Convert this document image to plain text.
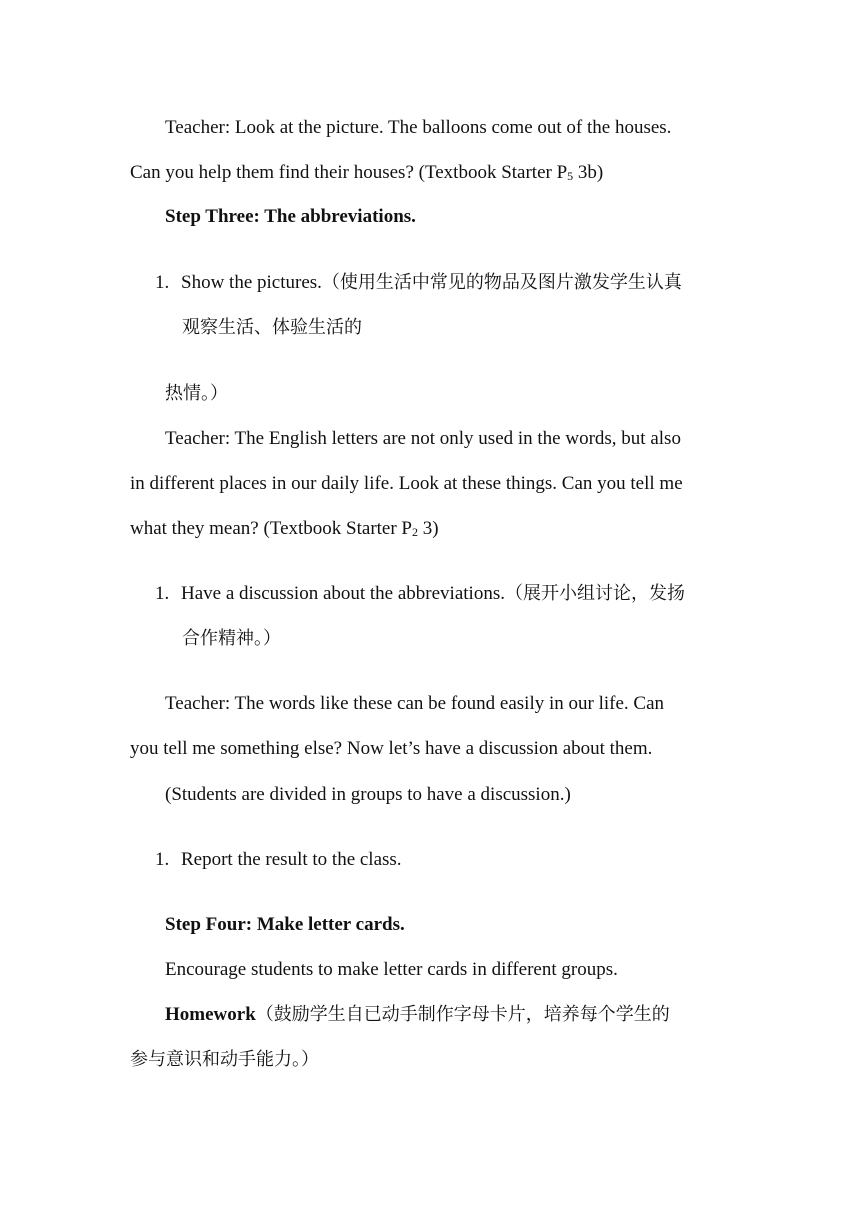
Teacher: Look at the picture. The balloons come out of the houses.
Can you help them find their houses? (Textbook Starter $P_5$ 3b)
Step Three: The abbreviations.
1. Show the pictures.（使用生活中常见的物品及图片激发学生认真
观察生活、体验生活的
热情。）
Teacher: The English letters are not only used in the words, but also
in different places in our daily life. Look at these things. Can you tell me
what they mean? (Textbook Starter $P_2$ 3)
1. Have a discussion about the abbreviations.（展开小组讨论，发扬
合作精神。）
Teacher: The words like these can be found easily in our life. Can
you tell me something else? Now let’s have a discussion about them.
(Students are divided in groups to have a discussion.)
1. Report the result to the class.
Step Four: Make letter cards.
Encourage students to make letter cards in different groups.
Homework（鼓励学生自已动手制作字母卡片，培养每个学生的
参与意识和动手能力。）
